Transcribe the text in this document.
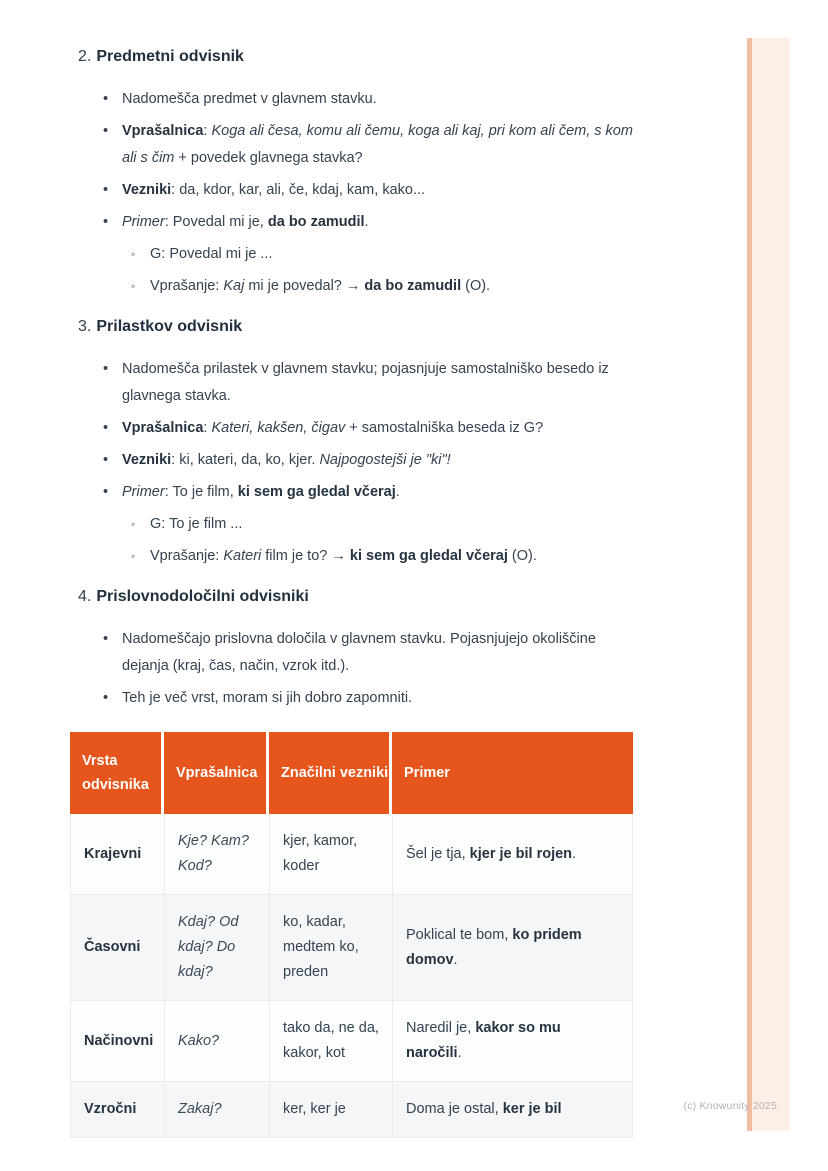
2. Predmetni odvisnik
• Nadomešča predmet v glavnem stavku.
• Vprašalnica: Koga ali česa, komu ali čemu, koga ali kaj, pri kom ali čem, s kom ali s čim + povedek glavnega stavka?
• Vezniki: da, kdor, kar, ali, če, kdaj, kam, kako...
• Primer: Povedal mi je, da bo zamudil.
◦ G: Povedal mi je ...
◦ Vprašanje: Kaj mi je povedal? → da bo zamudil (O).
3. Prilastkov odvisnik
• Nadomešča prilastek v glavnem stavku; pojasnjuje samostalniško besedo iz glavnega stavka.
• Vprašalnica: Kateri, kakšen, čigav + samostalniška beseda iz G?
• Vezniki: ki, kateri, da, ko, kjer. Najpogostejši je "ki"!
• Primer: To je film, ki sem ga gledal včeraj.
◦ G: To je film ...
◦ Vprašanje: Kateri film je to? → ki sem ga gledal včeraj (O).
4. Prislovnodoločilni odvisniki
• Nadomeščajo prislovna določila v glavnem stavku. Pojasnjujejo okoliščine dejanja (kraj, čas, način, vzrok itd.).
• Teh je več vrst, moram si jih dobro zapomniti.
Vrsta odvisnika	Vprašalnica	Značilni vezniki	Primer
Krajevni	Kje? Kam? Kod?	kjer, kamor, koder	Šel je tja, kjer je bil rojen.
Časovni	Kdaj? Od kdaj? Do kdaj?	ko, kadar, medtem ko, preden	Poklical te bom, ko pridem domov.
Načinovni	Kako?	tako da, ne da, kakor, kot	Naredil je, kakor so mu naročili.
Vzročni	Zakaj?	ker, ker je	Doma je ostal, ker je bil	(c) Knowunity 2025
